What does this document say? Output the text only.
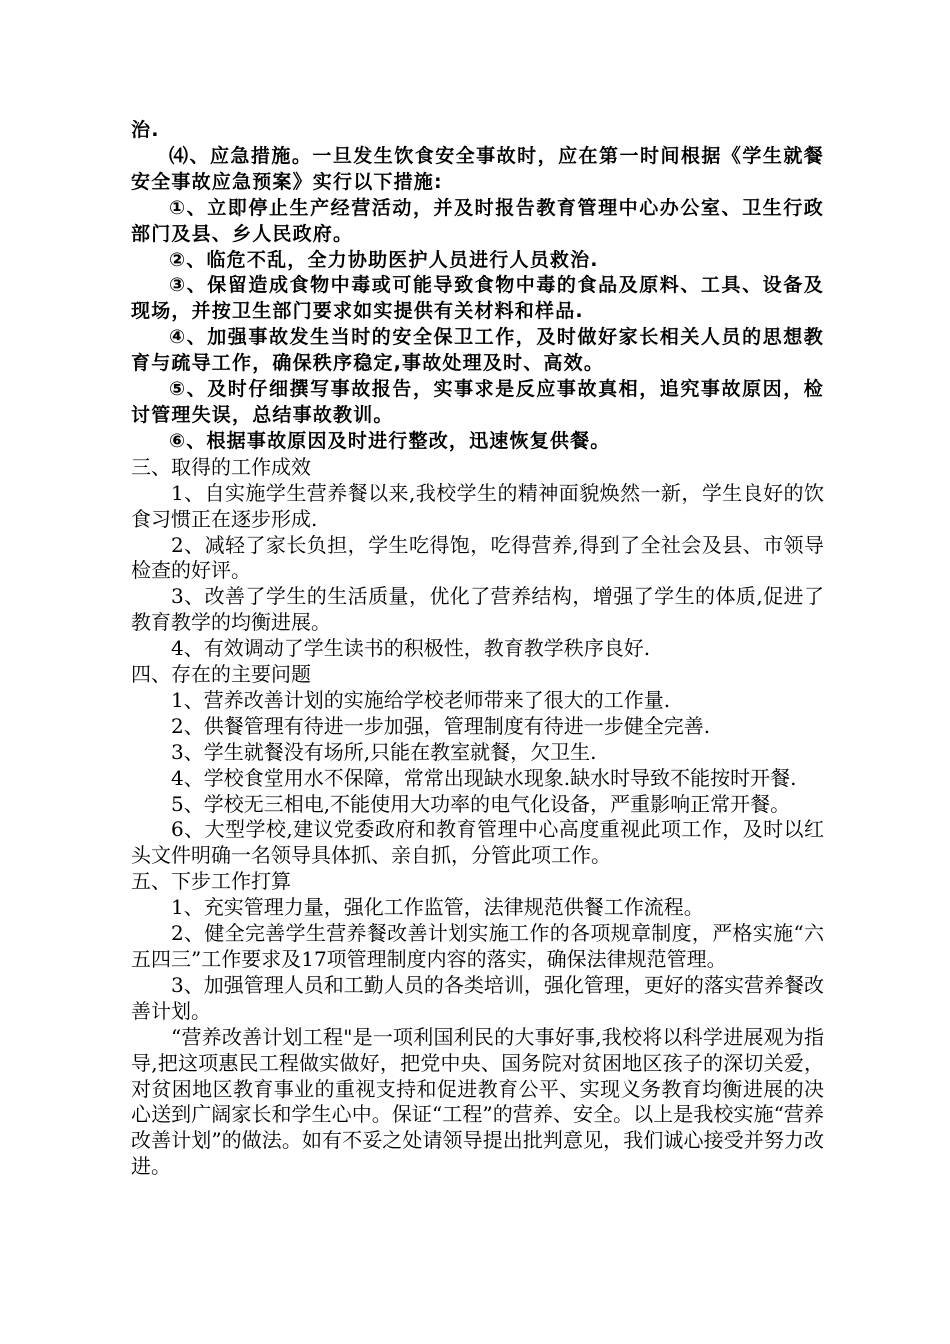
治.

⑷、应急措施。一旦发生饮食安全事故时，应在第一时间根据《学生就餐安全事故应急预案》实行以下措施:

①、立即停止生产经营活动，并及时报告教育管理中心办公室、卫生行政部门及县、乡人民政府。

②、临危不乱，全力协助医护人员进行人员救治.

③、保留造成食物中毒或可能导致食物中毒的食品及原料、工具、设备及现场，并按卫生部门要求如实提供有关材料和样品.

④、加强事故发生当时的安全保卫工作，及时做好家长相关人员的思想教育与疏导工作，确保秩序稳定,事故处理及时、高效。

⑤、及时仔细撰写事故报告，实事求是反应事故真相，追究事故原因，检讨管理失误，总结事故教训。

⑥、根据事故原因及时进行整改，迅速恢复供餐。

三、取得的工作成效

1、自实施学生营养餐以来,我校学生的精神面貌焕然一新，学生良好的饮食习惯正在逐步形成.

2、减轻了家长负担，学生吃得饱，吃得营养,得到了全社会及县、市领导检查的好评。

3、改善了学生的生活质量，优化了营养结构，增强了学生的体质,促进了教育教学的均衡进展。

4、有效调动了学生读书的积极性，教育教学秩序良好.

四、存在的主要问题

1、营养改善计划的实施给学校老师带来了很大的工作量.

2、供餐管理有待进一步加强，管理制度有待进一步健全完善.

3、学生就餐没有场所,只能在教室就餐，欠卫生.

4、学校食堂用水不保障，常常出现缺水现象.缺水时导致不能按时开餐.

5、学校无三相电,不能使用大功率的电气化设备，严重影响正常开餐。

6、大型学校,建议党委政府和教育管理中心高度重视此项工作，及时以红头文件明确一名领导具体抓、亲自抓，分管此项工作。

五、下步工作打算

1、充实管理力量，强化工作监管，法律规范供餐工作流程。

2、健全完善学生营养餐改善计划实施工作的各项规章制度，严格实施“六五四三”工作要求及17项管理制度内容的落实，确保法律规范管理。

3、加强管理人员和工勤人员的各类培训，强化管理，更好的落实营养餐改善计划。

“营养改善计划工程"是一项利国利民的大事好事,我校将以科学进展观为指导,把这项惠民工程做实做好，把党中央、国务院对贫困地区孩子的深切关爱，对贫困地区教育事业的重视支持和促进教育公平、实现义务教育均衡进展的决心送到广阔家长和学生心中。保证“工程”的营养、安全。以上是我校实施“营养改善计划”的做法。如有不妥之处请领导提出批判意见，我们诚心接受并努力改进。
